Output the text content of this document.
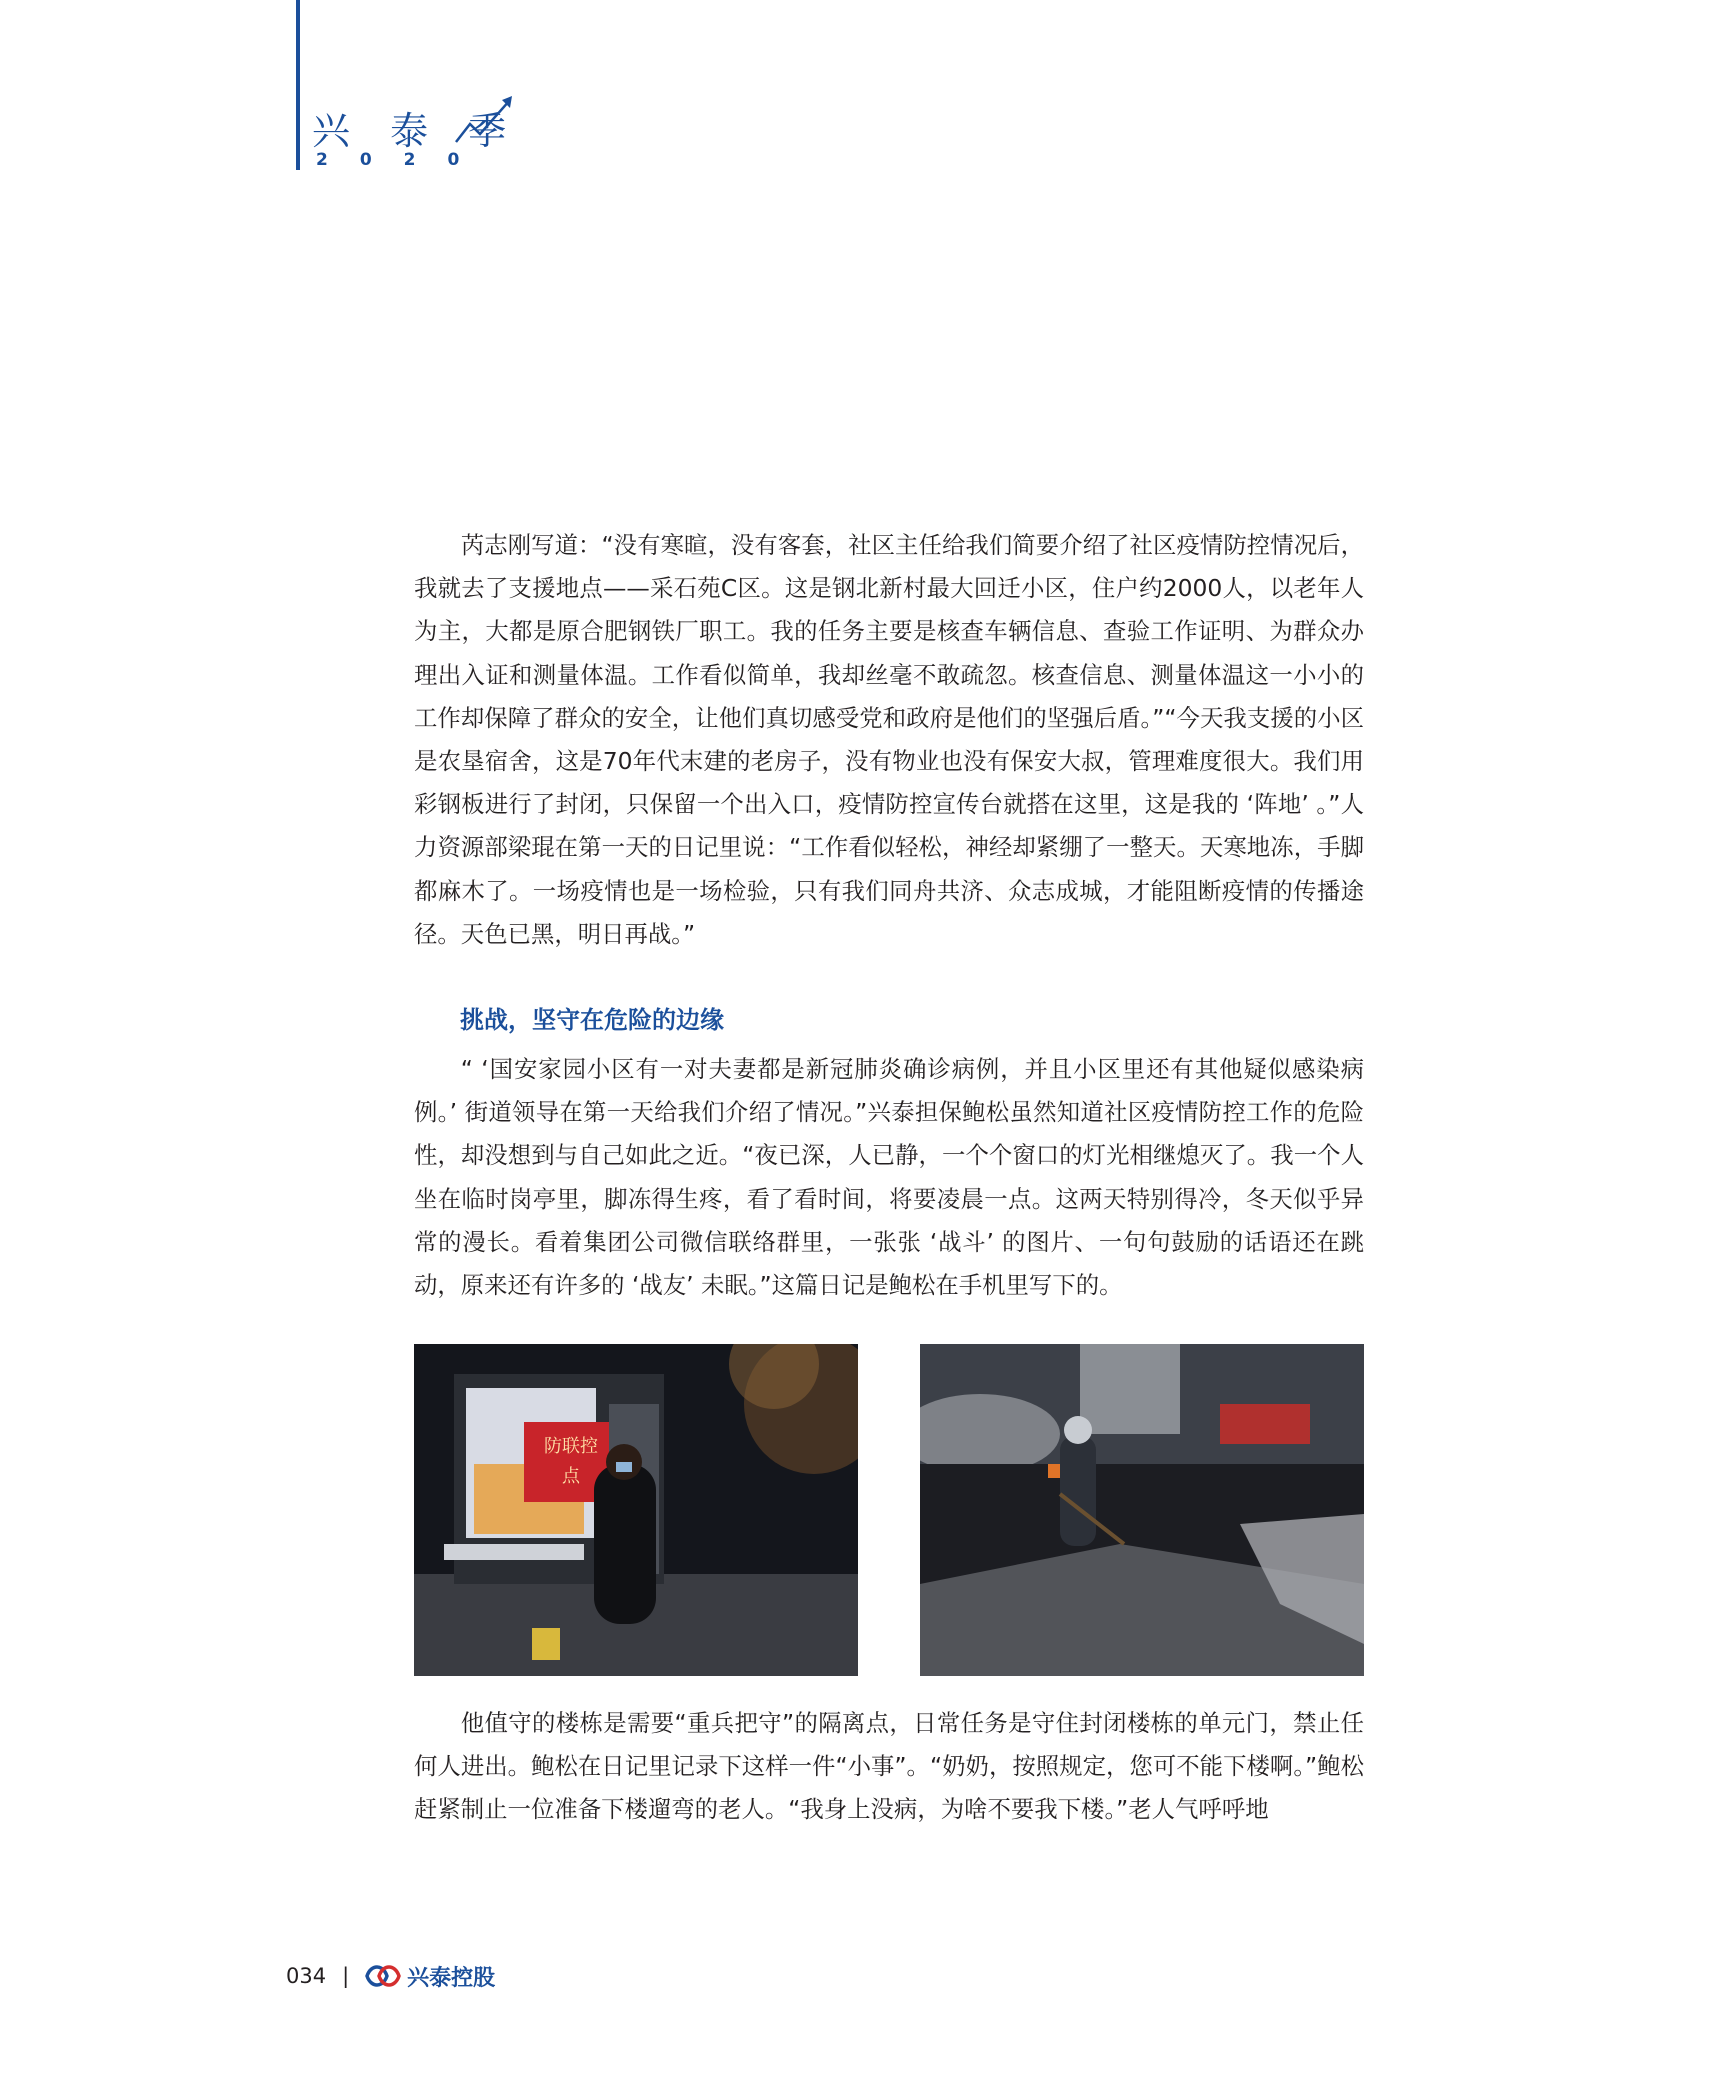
兴 泰 季
2020

芮志刚写道：“没有寒暄，没有客套，社区主任给我们简要介绍了社区疫情防控情况后，我就去了支援地点——采石苑C区。这是钢北新村最大回迁小区，住户约2000人，以老年人为主，大都是原合肥钢铁厂职工。我的任务主要是核查车辆信息、查验工作证明、为群众办理出入证和测量体温。工作看似简单，我却丝毫不敢疏忽。核查信息、测量体温这一小小的工作却保障了群众的安全，让他们真切感受党和政府是他们的坚强后盾。”“今天我支援的小区是农垦宿舍，这是70年代末建的老房子，没有物业也没有保安大叔，管理难度很大。我们用彩钢板进行了封闭，只保留一个出入口，疫情防控宣传台就搭在这里，这是我的 ‘阵地’ 。”人力资源部梁琨在第一天的日记里说：“工作看似轻松，神经却紧绷了一整天。天寒地冻，手脚都麻木了。一场疫情也是一场检验，只有我们同舟共济、众志成城，才能阻断疫情的传播途径。天色已黑，明日再战。”

挑战，坚守在危险的边缘

“ ‘国安家园小区有一对夫妻都是新冠肺炎确诊病例，并且小区里还有其他疑似感染病例。’ 街道领导在第一天给我们介绍了情况。”兴泰担保鲍松虽然知道社区疫情防控工作的危险性，却没想到与自己如此之近。“夜已深，人已静，一个个窗口的灯光相继熄灭了。我一个人坐在临时岗亭里，脚冻得生疼，看了看时间，将要凌晨一点。这两天特别得冷，冬天似乎异常的漫长。看着集团公司微信联络群里，一张张 ‘战斗’ 的图片、一句句鼓励的话语还在跳动，原来还有许多的 ‘战友’ 未眠。”这篇日记是鲍松在手机里写下的。

防联控
点

他值守的楼栋是需要“重兵把守”的隔离点，日常任务是守住封闭楼栋的单元门，禁止任何人进出。鲍松在日记里记录下这样一件“小事”。“奶奶，按照规定，您可不能下楼啊。”鲍松赶紧制止一位准备下楼遛弯的老人。“我身上没病，为啥不要我下楼。”老人气呼呼地

034 |	兴泰控股
